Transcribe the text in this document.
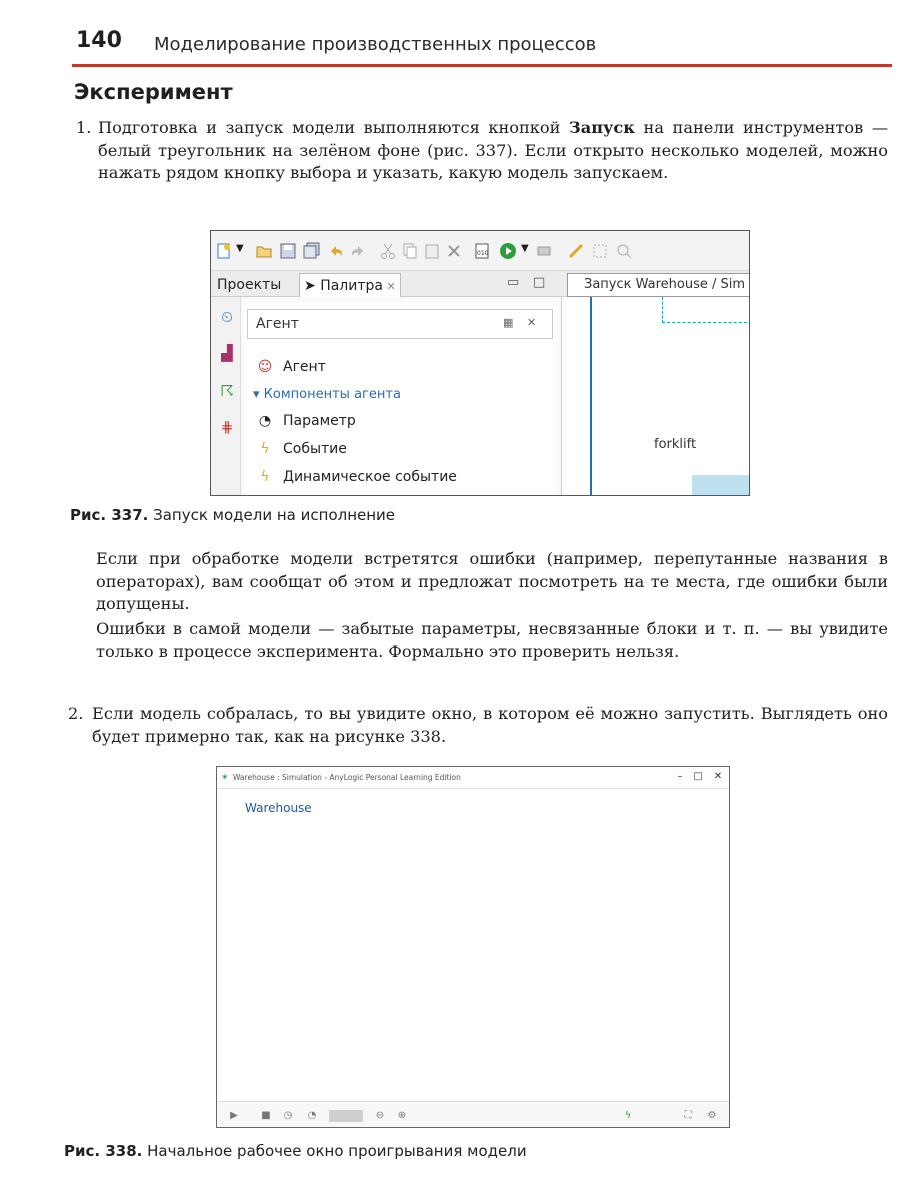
140 Моделирование производственных процессов
Эксперимент
1. Подготовка и запуск модели выполняются кнопкой Запуск на панели инструментов — белый треугольник на зелёном фоне (рис. 337). Если открыто несколько моделей, можно нажать рядом кнопку выбора и указать, какую модель запускаем.

▼	010	▼
Проекты	➤ Палитра ✕	▭ □	Запуск Warehouse / Sim
⏲
▟
☈
⋕
Агент	▦ ✕
☺ Агент
▾ Компоненты агента
◔ Параметр
ϟ Событие
ϟ Динамическое событие
forklift
Рис. 337. Запуск модели на исполнение

Если при обработке модели встретятся ошибки (например, перепутанные названия в операторах), вам сообщат об этом и предложат посмотреть на те места, где ошибки были допущены.

Ошибки в самой модели — забытые параметры, несвязанные блоки и т. п. — вы увидите только в процессе эксперимента. Формально это проверить нельзя.

2. Если модель собралась, то вы увидите окно, в котором её можно запустить. Выглядеть оно будет примерно так, как на рисунке 338.

✶ Warehouse : Simulation - AnyLogic Personal Learning Edition	–	□ ✕
Warehouse
▶	■ ◷ ◔	⊖ ⊕	ϟ	⛶	⚙
Рис. 338. Начальное рабочее окно проигрывания модели
